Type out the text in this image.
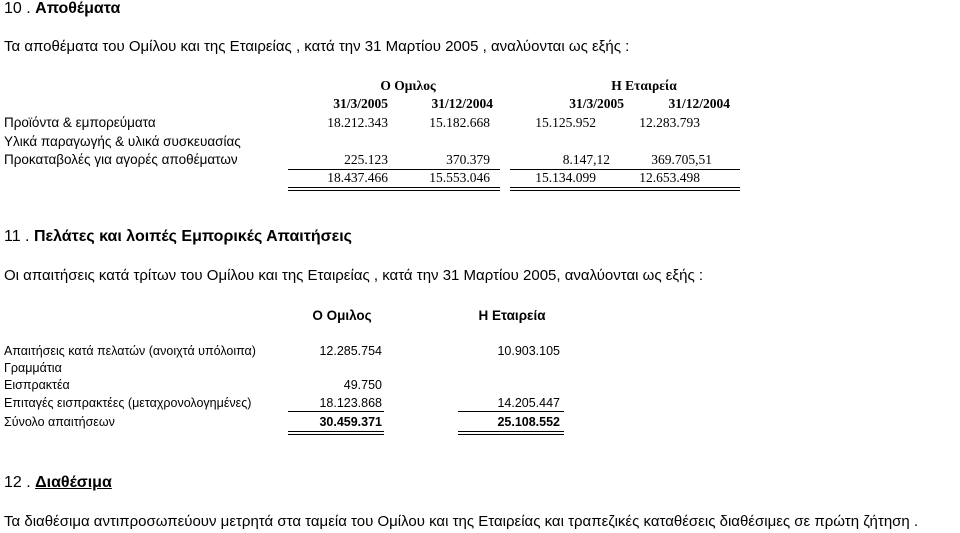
10 . Αποθέματα
Τα αποθέματα του Ομίλου και της Εταιρείας , κατά την 31 Μαρτίου 2005 , αναλύονται ως εξής :
Ο Ομιλος	Η Εταιρεία
31/3/2005	31/12/2004	31/3/2005	31/12/2004
Προϊόντα & εμπορεύματα	18.212.343	15.182.668	15.125.952	12.283.793
Υλικά παραγωγής & υλικά συσκευασίας
Προκαταβολές για αγορές αποθέματων	225.123	370.379	8.147,12	369.705,51
18.437.466	15.553.046	15.134.099	12.653.498
11 . Πελάτες και λοιπές Εμπορικές Απαιτήσεις
Οι απαιτήσεις κατά τρίτων του Ομίλου και της Εταιρείας , κατά την 31 Μαρτίου 2005, αναλύονται ως εξής :
Ο Ομιλος	Η Εταιρεία
Απαιτήσεις κατά πελατών (ανοιχτά υπόλοιπα)	12.285.754	10.903.105
Γραμμάτια
Εισπρακτέα	49.750
Επιταγές εισπρακτέες (μεταχρονολογημένες)	18.123.868	14.205.447
Σύνολο απαιτήσεων	30.459.371	25.108.552
12 . Διαθέσιμα
Τα διαθέσιμα αντιπροσωπεύουν μετρητά στα ταμεία του Ομίλου και της Εταιρείας και τραπεζικές καταθέσεις διαθέσιμες σε πρώτη ζήτηση .
